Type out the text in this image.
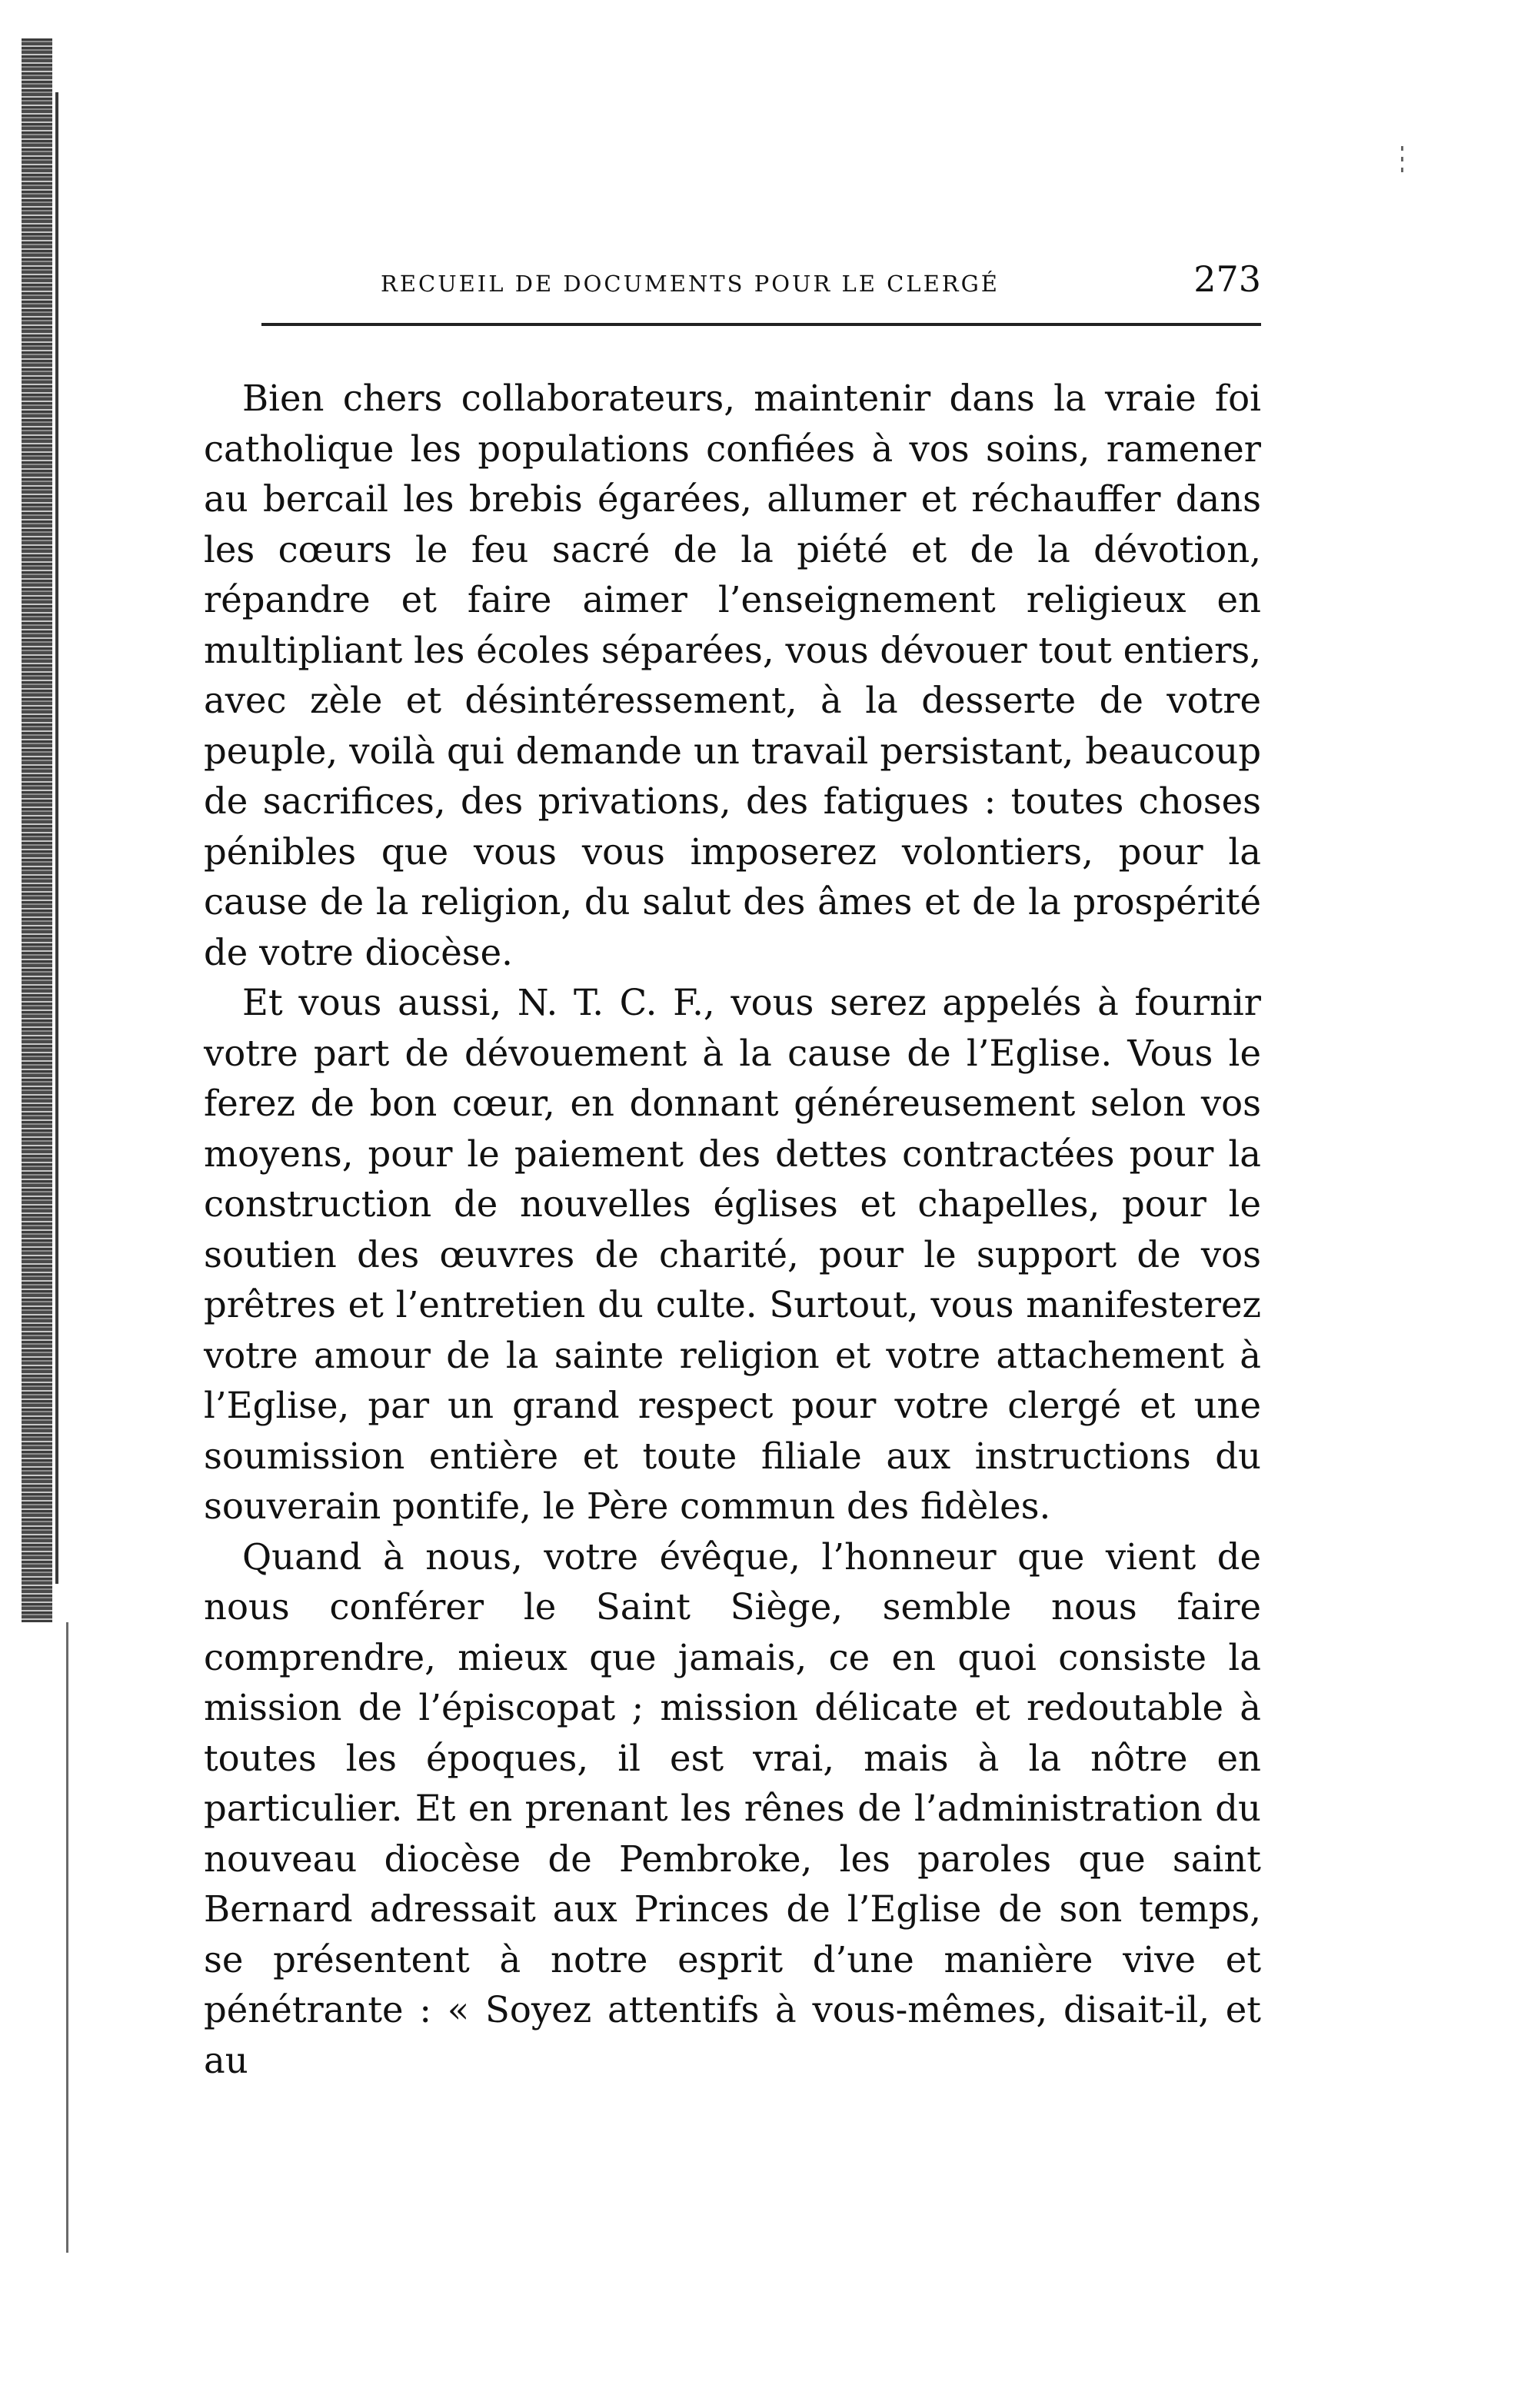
RECUEIL DE DOCUMENTS POUR LE CLERGÉ	273

Bien chers collaborateurs, maintenir dans la vraie foi catholique les populations confiées à vos soins, ramener au bercail les brebis égarées, allumer et réchauffer dans les cœurs le feu sacré de la piété et de la dévotion, répandre et faire aimer l’enseignement religieux en multipliant les écoles séparées, vous dévouer tout entiers, avec zèle et désintéressement, à la desserte de votre peuple, voilà qui demande un travail persistant, beaucoup de sacrifices, des privations, des fatigues : toutes choses pénibles que vous vous imposerez volontiers, pour la cause de la religion, du salut des âmes et de la prospérité de votre diocèse.

Et vous aussi, N. T. C. F., vous serez appelés à fournir votre part de dévouement à la cause de l’Eglise. Vous le ferez de bon cœur, en donnant généreusement selon vos moyens, pour le paiement des dettes contractées pour la construction de nouvelles églises et chapelles, pour le soutien des œuvres de charité, pour le support de vos prêtres et l’entretien du culte. Surtout, vous manifesterez votre amour de la sainte religion et votre attachement à l’Eglise, par un grand respect pour votre clergé et une soumission entière et toute filiale aux instructions du souverain pontife, le Père commun des fidèles.

Quand à nous, votre évêque, l’honneur que vient de nous conférer le Saint Siège, semble nous faire comprendre, mieux que jamais, ce en quoi consiste la mission de l’épiscopat ; mission délicate et redoutable à toutes les époques, il est vrai, mais à la nôtre en particulier. Et en prenant les rênes de l’administration du nouveau diocèse de Pembroke, les paroles que saint Bernard adressait aux Princes de l’Eglise de son temps, se présentent à notre esprit d’une manière vive et pénétrante : « Soyez attentifs à vous-mêmes, disait-il, et au
